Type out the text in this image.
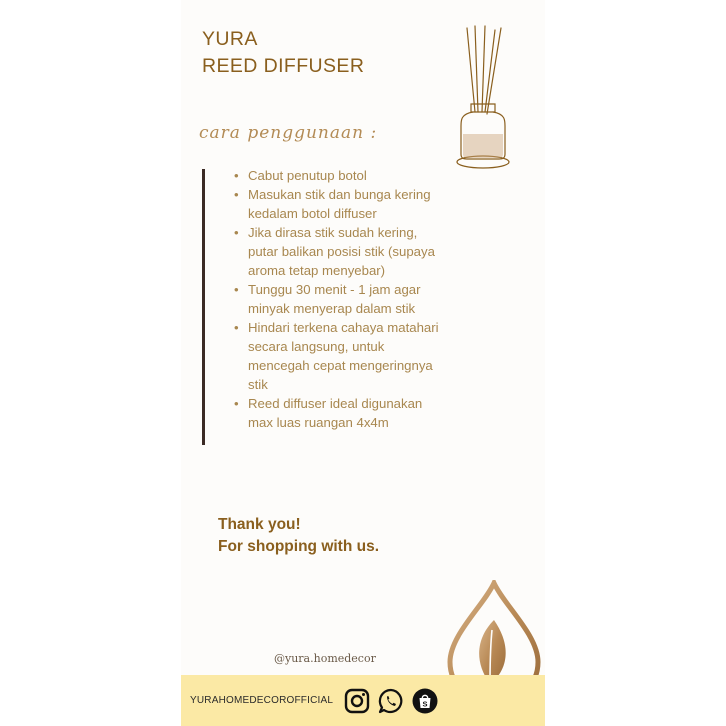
YURA
REED DIFFUSER
cara penggunaan :
• Cabut penutup botol
• Masukan stik dan bunga kering kedalam botol diffuser
• Jika dirasa stik sudah kering, putar balikan posisi stik (supaya aroma tetap menyebar)
• Tunggu 30 menit - 1 jam agar minyak menyerap dalam stik
• Hindari terkena cahaya matahari secara langsung, untuk mencegah cepat mengeringnya stik
• Reed diffuser ideal digunakan max luas ruangan 4x4m
Thank you!
For shopping with us.
@yura.homedecor
YURAHOMEDECOROFFICIAL	S
